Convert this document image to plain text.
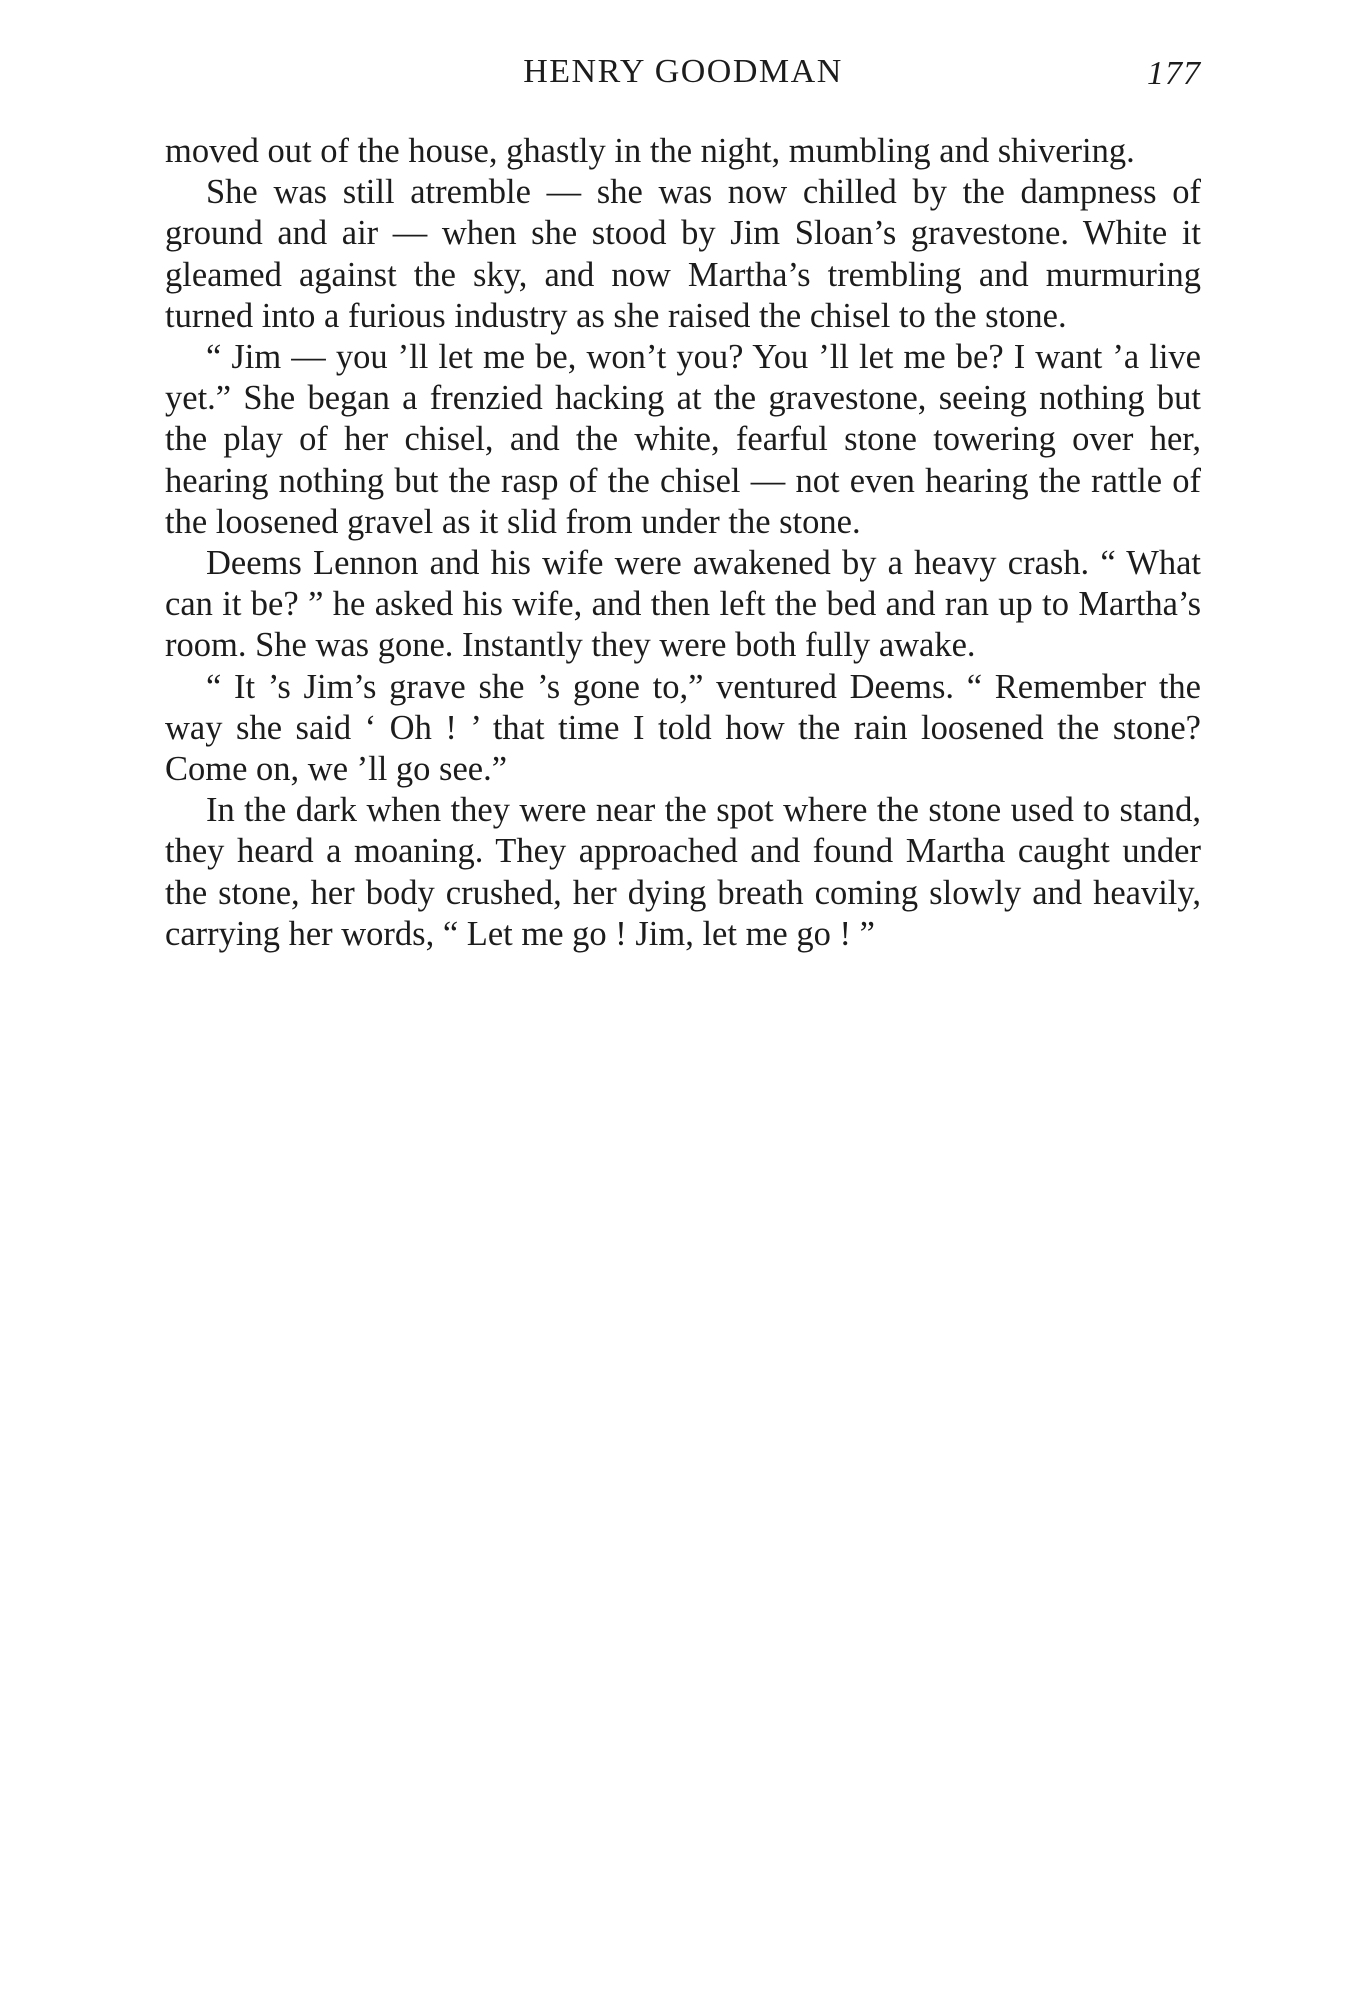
HENRY GOODMAN	177

moved out of the house, ghastly in the night, mumbling and shivering.

She was still atremble — she was now chilled by the dampness of ground and air — when she stood by Jim Sloan’s gravestone. White it gleamed against the sky, and now Martha’s trembling and murmuring turned into a furious industry as she raised the chisel to the stone.

“ Jim — you ’ll let me be, won’t you? You ’ll let me be? I want ’a live yet.” She began a frenzied hacking at the gravestone, seeing nothing but the play of her chisel, and the white, fearful stone towering over her, hearing nothing but the rasp of the chisel — not even hearing the rattle of the loosened gravel as it slid from under the stone.

Deems Lennon and his wife were awakened by a heavy crash. “ What can it be? ” he asked his wife, and then left the bed and ran up to Martha’s room. She was gone. Instantly they were both fully awake.

“ It ’s Jim’s grave she ’s gone to,” ventured Deems. “ Remember the way she said ‘ Oh ! ’ that time I told how the rain loosened the stone? Come on, we ’ll go see.”

In the dark when they were near the spot where the stone used to stand, they heard a moaning. They approached and found Martha caught under the stone, her body crushed, her dying breath coming slowly and heavily, carrying her words, “ Let me go ! Jim, let me go ! ”
